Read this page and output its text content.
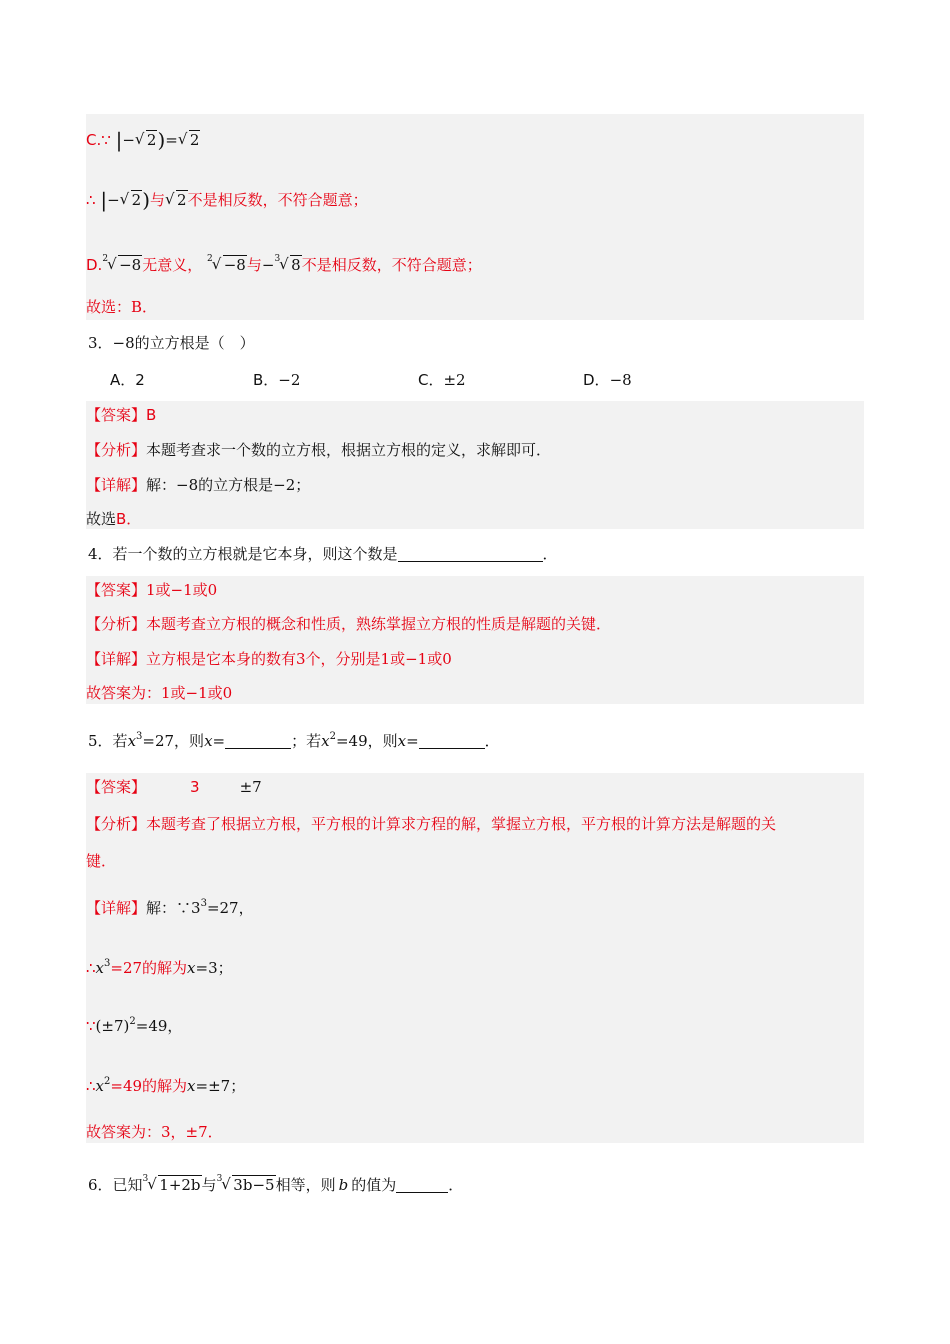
C.∵ |− √ 2)= √ 2
∴ |− √ 2)与 √ 2不是相反数，不符合题意；
D.$^2$ √ −8无意义， $^2$ √ −8与−$^3$ √ 8不是相反数，不符合题意；
故选：B．
3．−8的立方根是（　）
A．2	B．−2	C．±2	D．−8
【答案】B
【分析】本题考查求一个数的立方根，根据立方根的定义，求解即可．
【详解】解：−8的立方根是−2；
故选B．
4．若一个数的立方根就是它本身，则这个数是	．
【答案】1或−1或0
【分析】本题考查立方根的概念和性质，熟练掌握立方根的性质是解题的关键．
【详解】立方根是它本身的数有3个，分别是1或−1或0
故答案为：1或−1或0
5．若$x^3=27$，则x=	；若$x^2=49$，则x=	．
【答案】	3	±7
【分析】本题考查了根据立方根，平方根的计算求方程的解，掌握立方根，平方根的计算方法是解题的关
键．
【详解】解：$\because 3^3=27$，
$\therefore x^3=27$的解为x=3；
$\because(\pm 7)^2=49$，
$\therefore x^2=49$的解为x=±7；
故答案为：3，±7．
6．已知$^3$ √ 1+2b与$^3$ √ 3b−5相等，则 b 的值为	．
